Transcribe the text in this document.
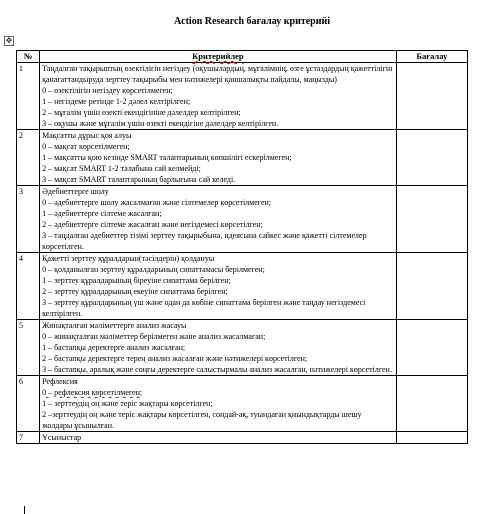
Action Research бағалау критерийі
✥
№	Критерийлер	Бағалау
1	Таңдалған тақырыптың өзектілігін негіздеу (оқушылардың, мұғалімнің, өзге ұстаздардың қажеттілігін қанағаттандыруда зерттеу тақырыбы мен нәтижелері қаншалықты пайдалы, маңызды)
0 – өзектілігін негіздеу көрсетілмеген;
1 – негіздеме ретінде 1-2 дәлел келтірілген;
2 – мұғалім үшін өзекті екендігініне дәлелдер келтірілген;
3 – оқушы және мұғалім үшін өзекті екендігіне дәлелдер келтірілген.	

2	Мақсатты дұрыс қоя алуы
0 – мақсат көрсетілмеген;
1 – мақсатты қою кезінде SMART талаптарының көпшілігі ескерілмеген;
2 – мақсат SMART 1-2 талабына сай келмейді;
3 – мақсат SMART талаптарының барлығына сай келеді.	

3	Әдебиеттерге шолу
0 – әдебиеттерге шолу жасалмаған және сілтемелер көрсетілмеген;
1 – әдебиеттерге сілтеме жасалған;
2 – әдебиеттерге сілтеме жасалған және негіздемесі көрсетілген;
3 – таңдалған әдебиеттер тізімі зерттеу тақырыбына, идеясына сәйкес және қажетті сілтемелер көрсетілген.	

4	Қажетті зерттеу құралдарын(тәсілдерін) қолдануы
0 – қолданылған зерттеу құралдарының сипаттамасы берілмеген;
1 – зерттеу құралдарының біреуіне сипаттама берілген;
2 – зерттеу құралдарының екеуіне сипаттама берілген;
3 – зерттеу құралдарының үш және одан да көбіне сипаттама берілген және таңдау негіздемесі келтірілген.	

5	Жинақталған мәліметтерге анализ жасауы
0 – жинақталған мәліметтер берілмеген және анализ жасалмаған;
1 – бастапқы деректерге анализ жасалған;
2 – бастапқы деректерге терең анализ жасалған және нәтижелері көрсетілген;
3 – бастапқы, аралық және соңғы деректерге салыстырмалы анализ жасалған, нәтижелері көрсетілген.	

6	Рефлексия
0 – рефлексия көрсетілмеген;
1 – зерттеудің оң және теріс жақтары көрсетілген;
2 –зерттеудің оң және теріс жақтары көрсетілген, сондай-ақ, туындаған қиындықтарды шешу жолдары ұсынылған.	

7	Ұсыныстар	
